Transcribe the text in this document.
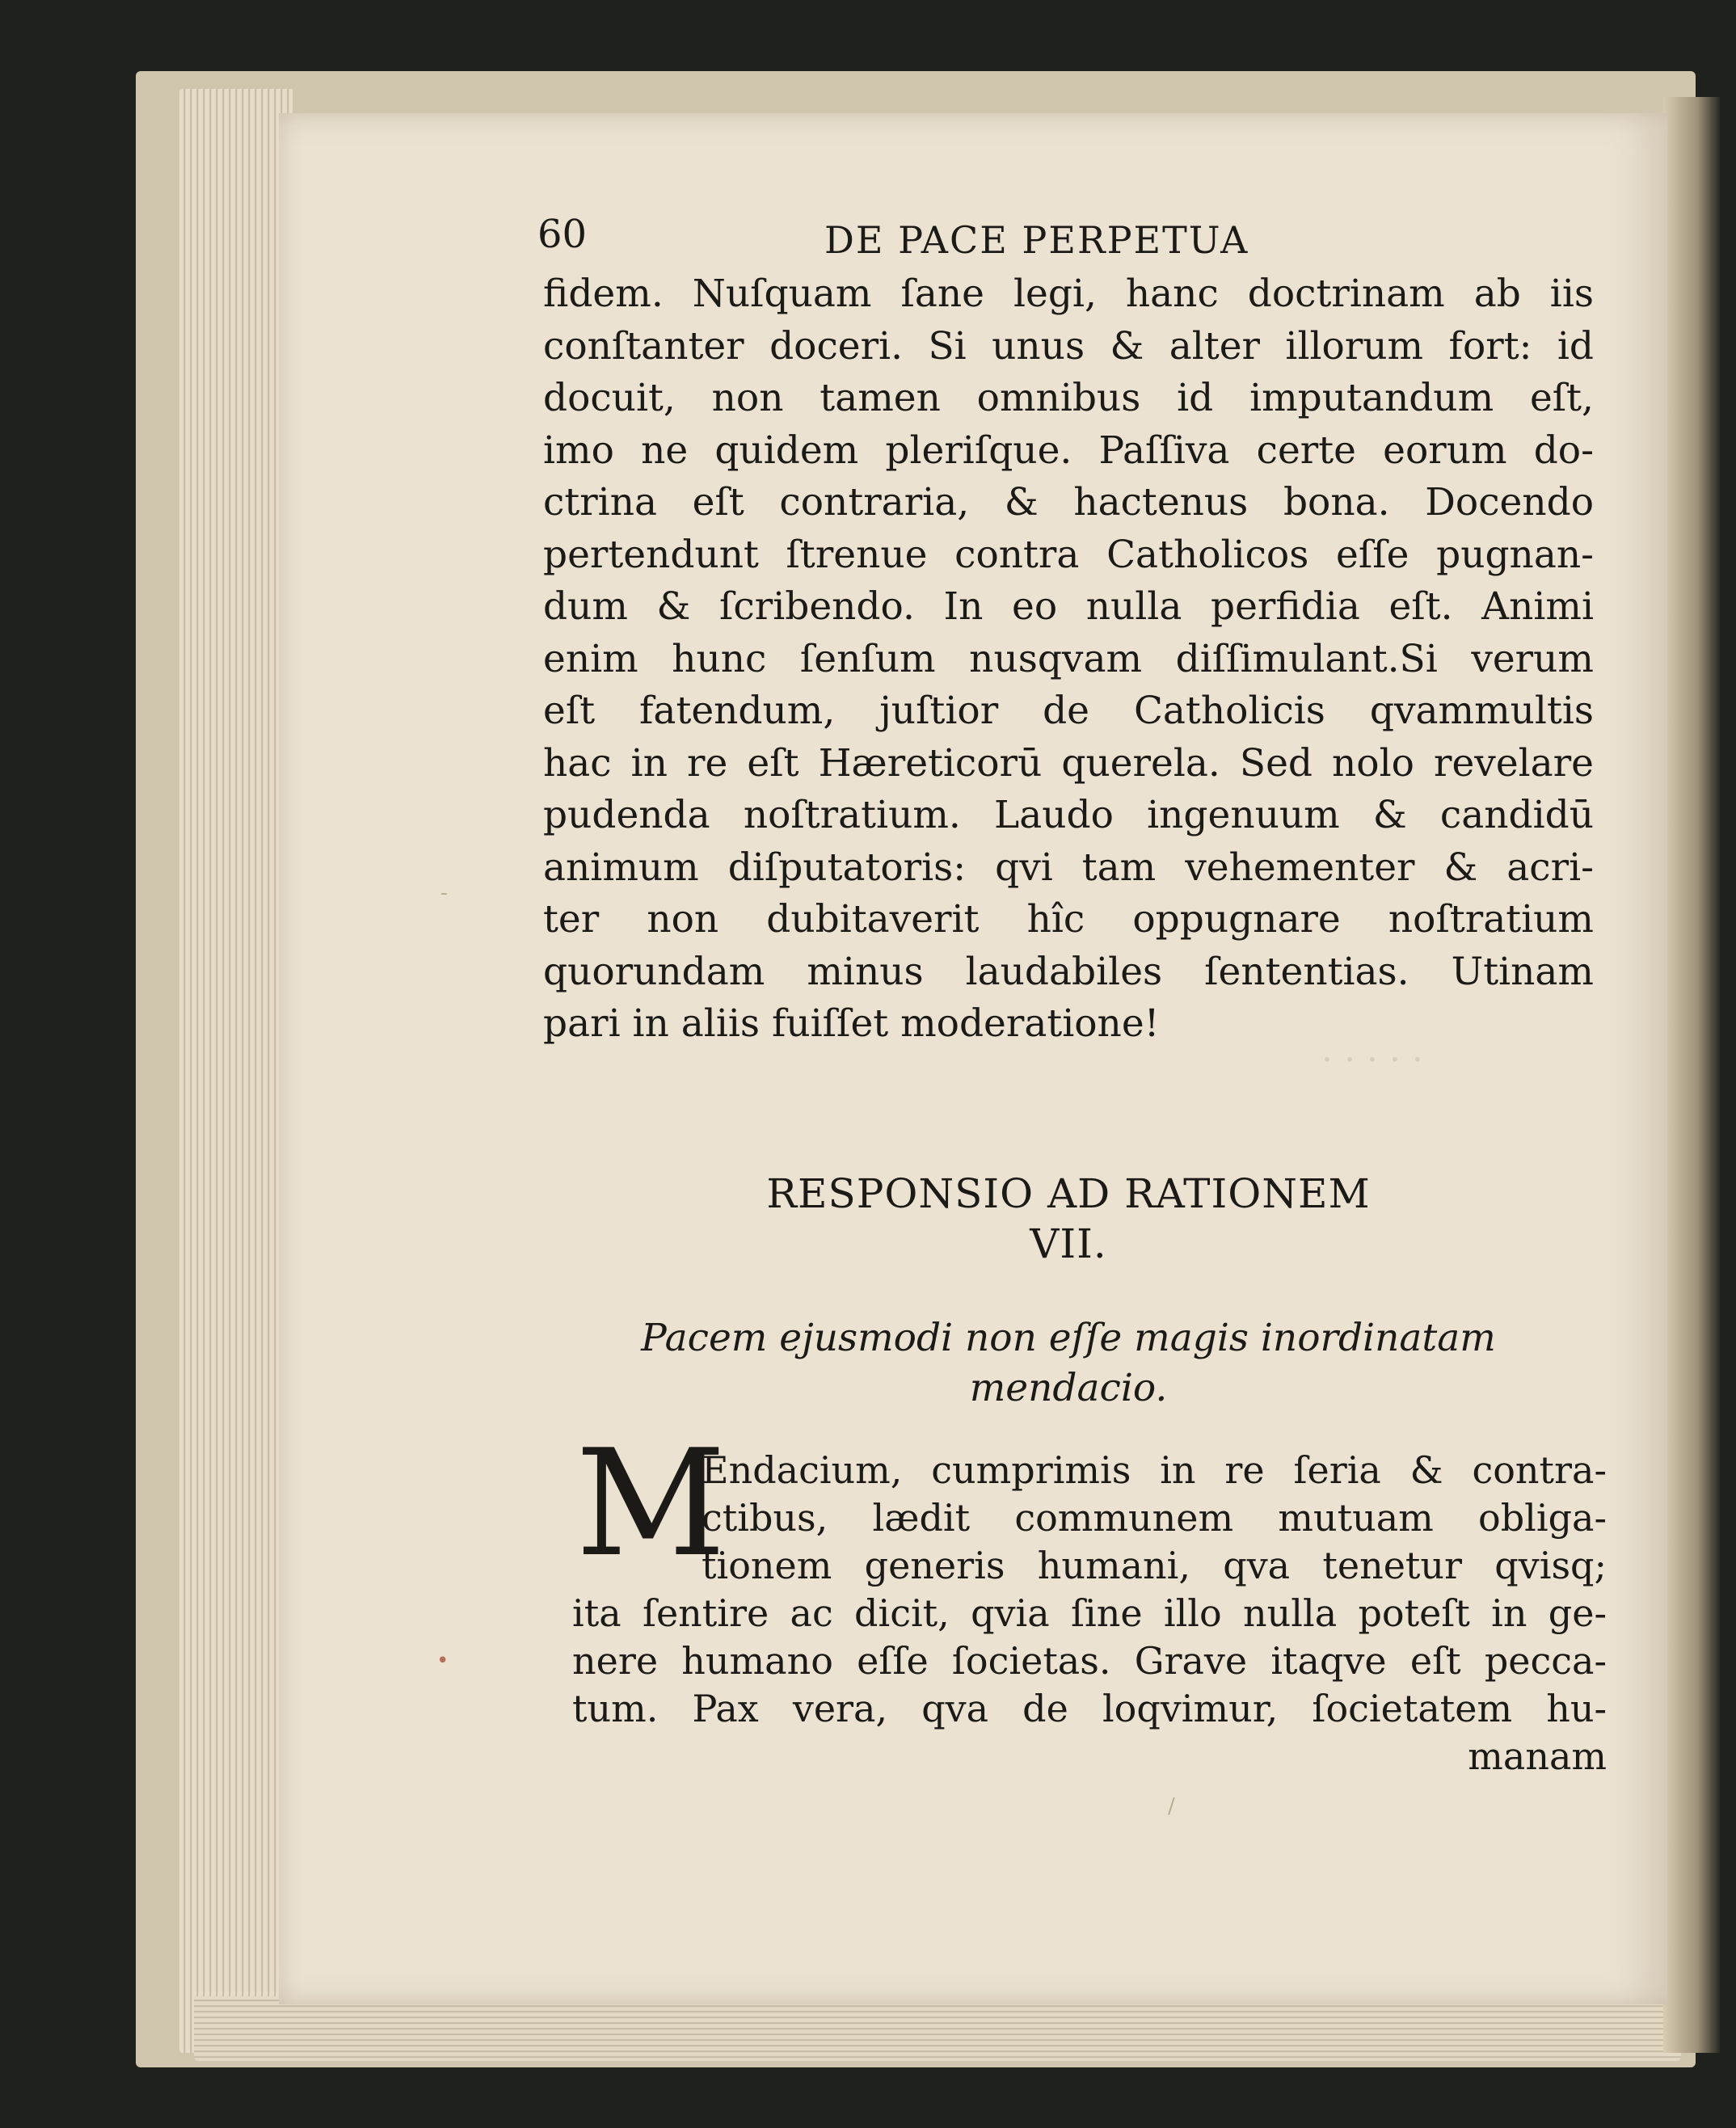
· · · · ·
‐
•
/
60	DE PACE PERPETUA
fidem. Nuſquam ſane legi, hanc doctrinam ab iis
conſtanter doceri. Si unus & alter illorum fort: id
docuit, non tamen omnibus id imputandum eſt,
imo ne quidem pleriſque. Paſſiva certe eorum do-
ctrina eſt contraria, & hactenus bona. Docendo
pertendunt ſtrenue contra Catholicos eſſe pugnan-
dum & ſcribendo. In eo nulla perfidia eſt. Animi
enim hunc ſenſum nusqvam diſſimulant.Si verum
eſt fatendum, juſtior de Catholicis qvammultis
hac in re eſt Hæreticorū querela. Sed nolo revelare
pudenda noſtratium. Laudo ingenuum & candidū
animum diſputatoris: qvi tam vehementer & acri-
ter non dubitaverit hîc oppugnare noſtratium
quorundam minus laudabiles ſententias. Utinam
pari in aliis fuiſſet moderatione!
RESPONSIO AD RATIONEM
VII.
Pacem ejusmodi non eſſe magis inordinatam
mendacio.
M
Endacium, cumprimis in re ſeria & contra-
ctibus, lædit communem mutuam obliga-
tionem generis humani, qva tenetur qvisq;
ita ſentire ac dicit, qvia ſine illo nulla poteſt in ge-
nere humano eſſe ſocietas. Grave itaqve eſt pecca-
tum. Pax vera, qva de loqvimur, ſocietatem hu-
manam
